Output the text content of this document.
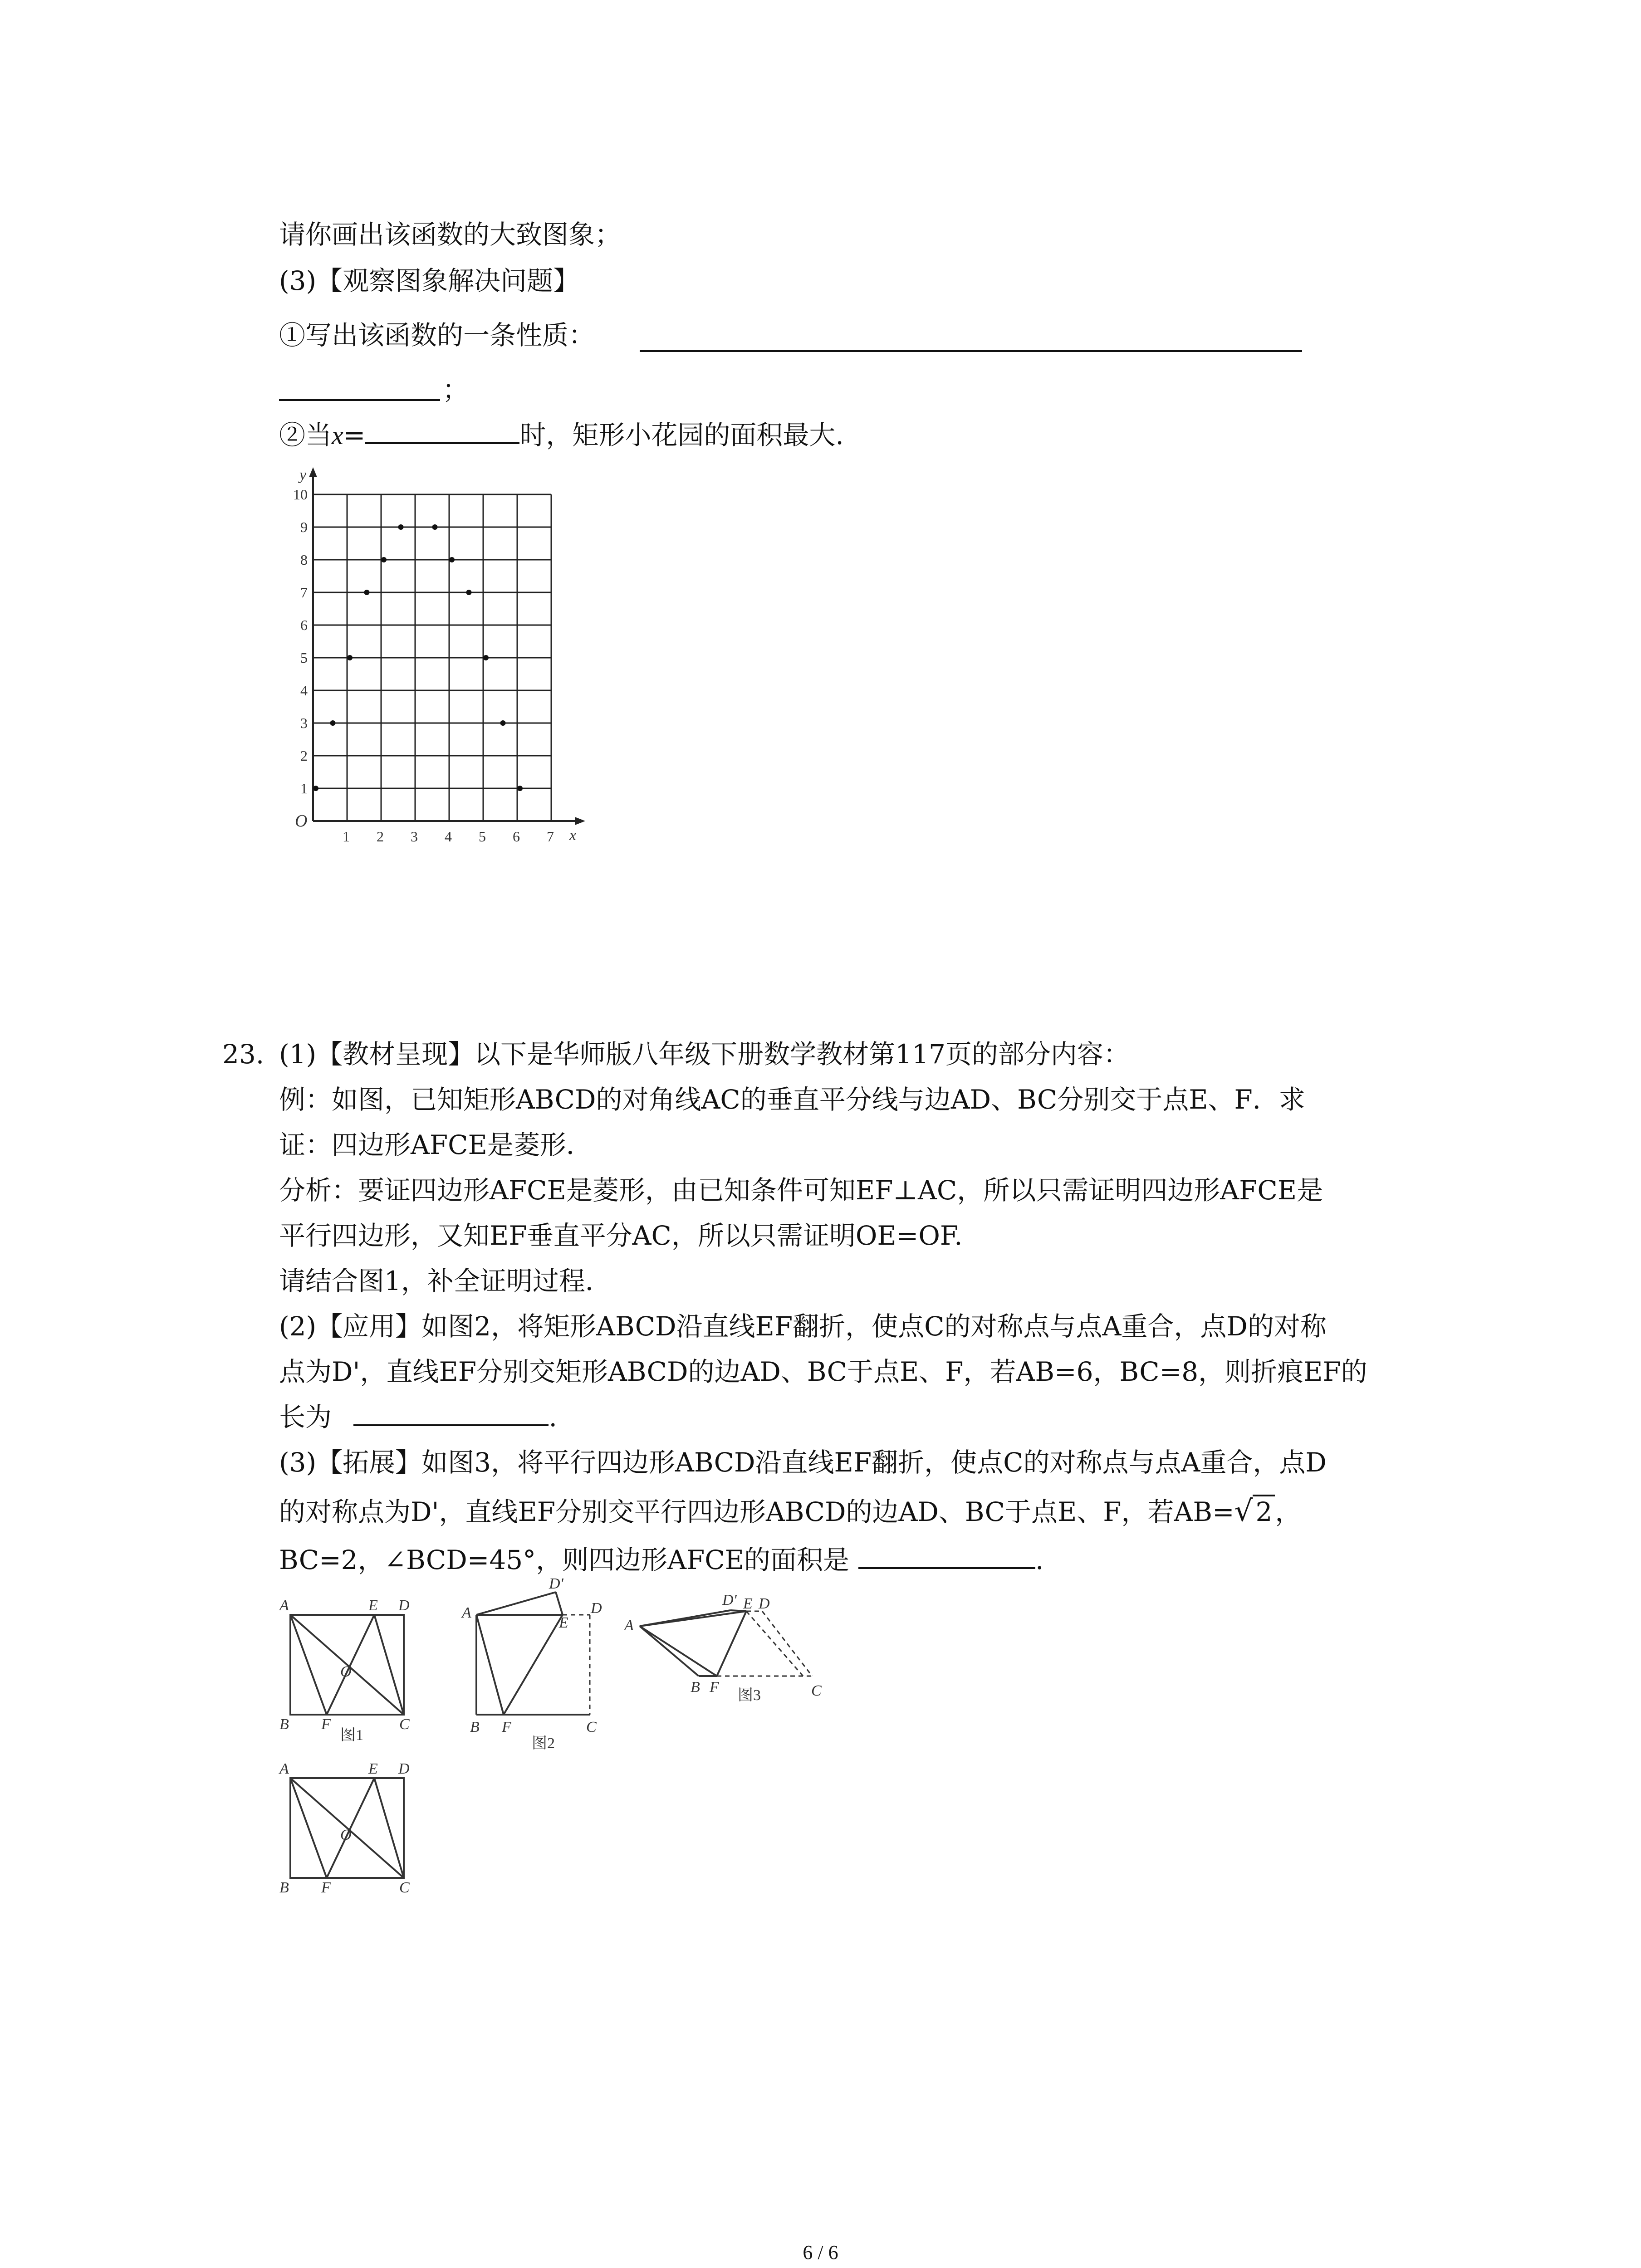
请你画出该函数的大致图象；
(3)【观察图象解决问题】
①写出该函数的一条性质：
；
②当x=	时，矩形小花园的面积最大.
x
y
O
1 2 3 4 5 6 7
1
2
3
4
5
6
7
8
9
10
23. (1)【教材呈现】以下是华师版八年级下册数学教材第117页的部分内容：
例：如图，已知矩形ABCD的对角线AC的垂直平分线与边AD、BC分别交于点E、F．求
证：四边形AFCE是菱形．
分析：要证四边形AFCE是菱形，由已知条件可知EF⊥AC，所以只需证明四边形AFCE是
平行四边形，又知EF垂直平分AC，所以只需证明OE=OF.
请结合图1，补全证明过程．
(2)【应用】如图2，将矩形ABCD沿直线EF翻折，使点C的对称点与点A重合，点D的对称
点为D'，直线EF分别交矩形ABCD的边AD、BC于点E、F，若AB=6，BC=8，则折痕EF的
长为	.
(3)【拓展】如图3，将平行四边形ABCD沿直线EF翻折，使点C的对称点与点A重合，点D
的对称点为D'，直线EF分别交平行四边形ABCD的边AD、BC于点E、F，若AB=√ 2 ，
BC=2，∠BCD=45°，则四边形AFCE的面积是	.
A	E D
O
B F	C
图1
D'
A
E
D
B F	C
图2
A
D' E D
B F	C
图3
A	E D
O
B F	C
6 / 6
